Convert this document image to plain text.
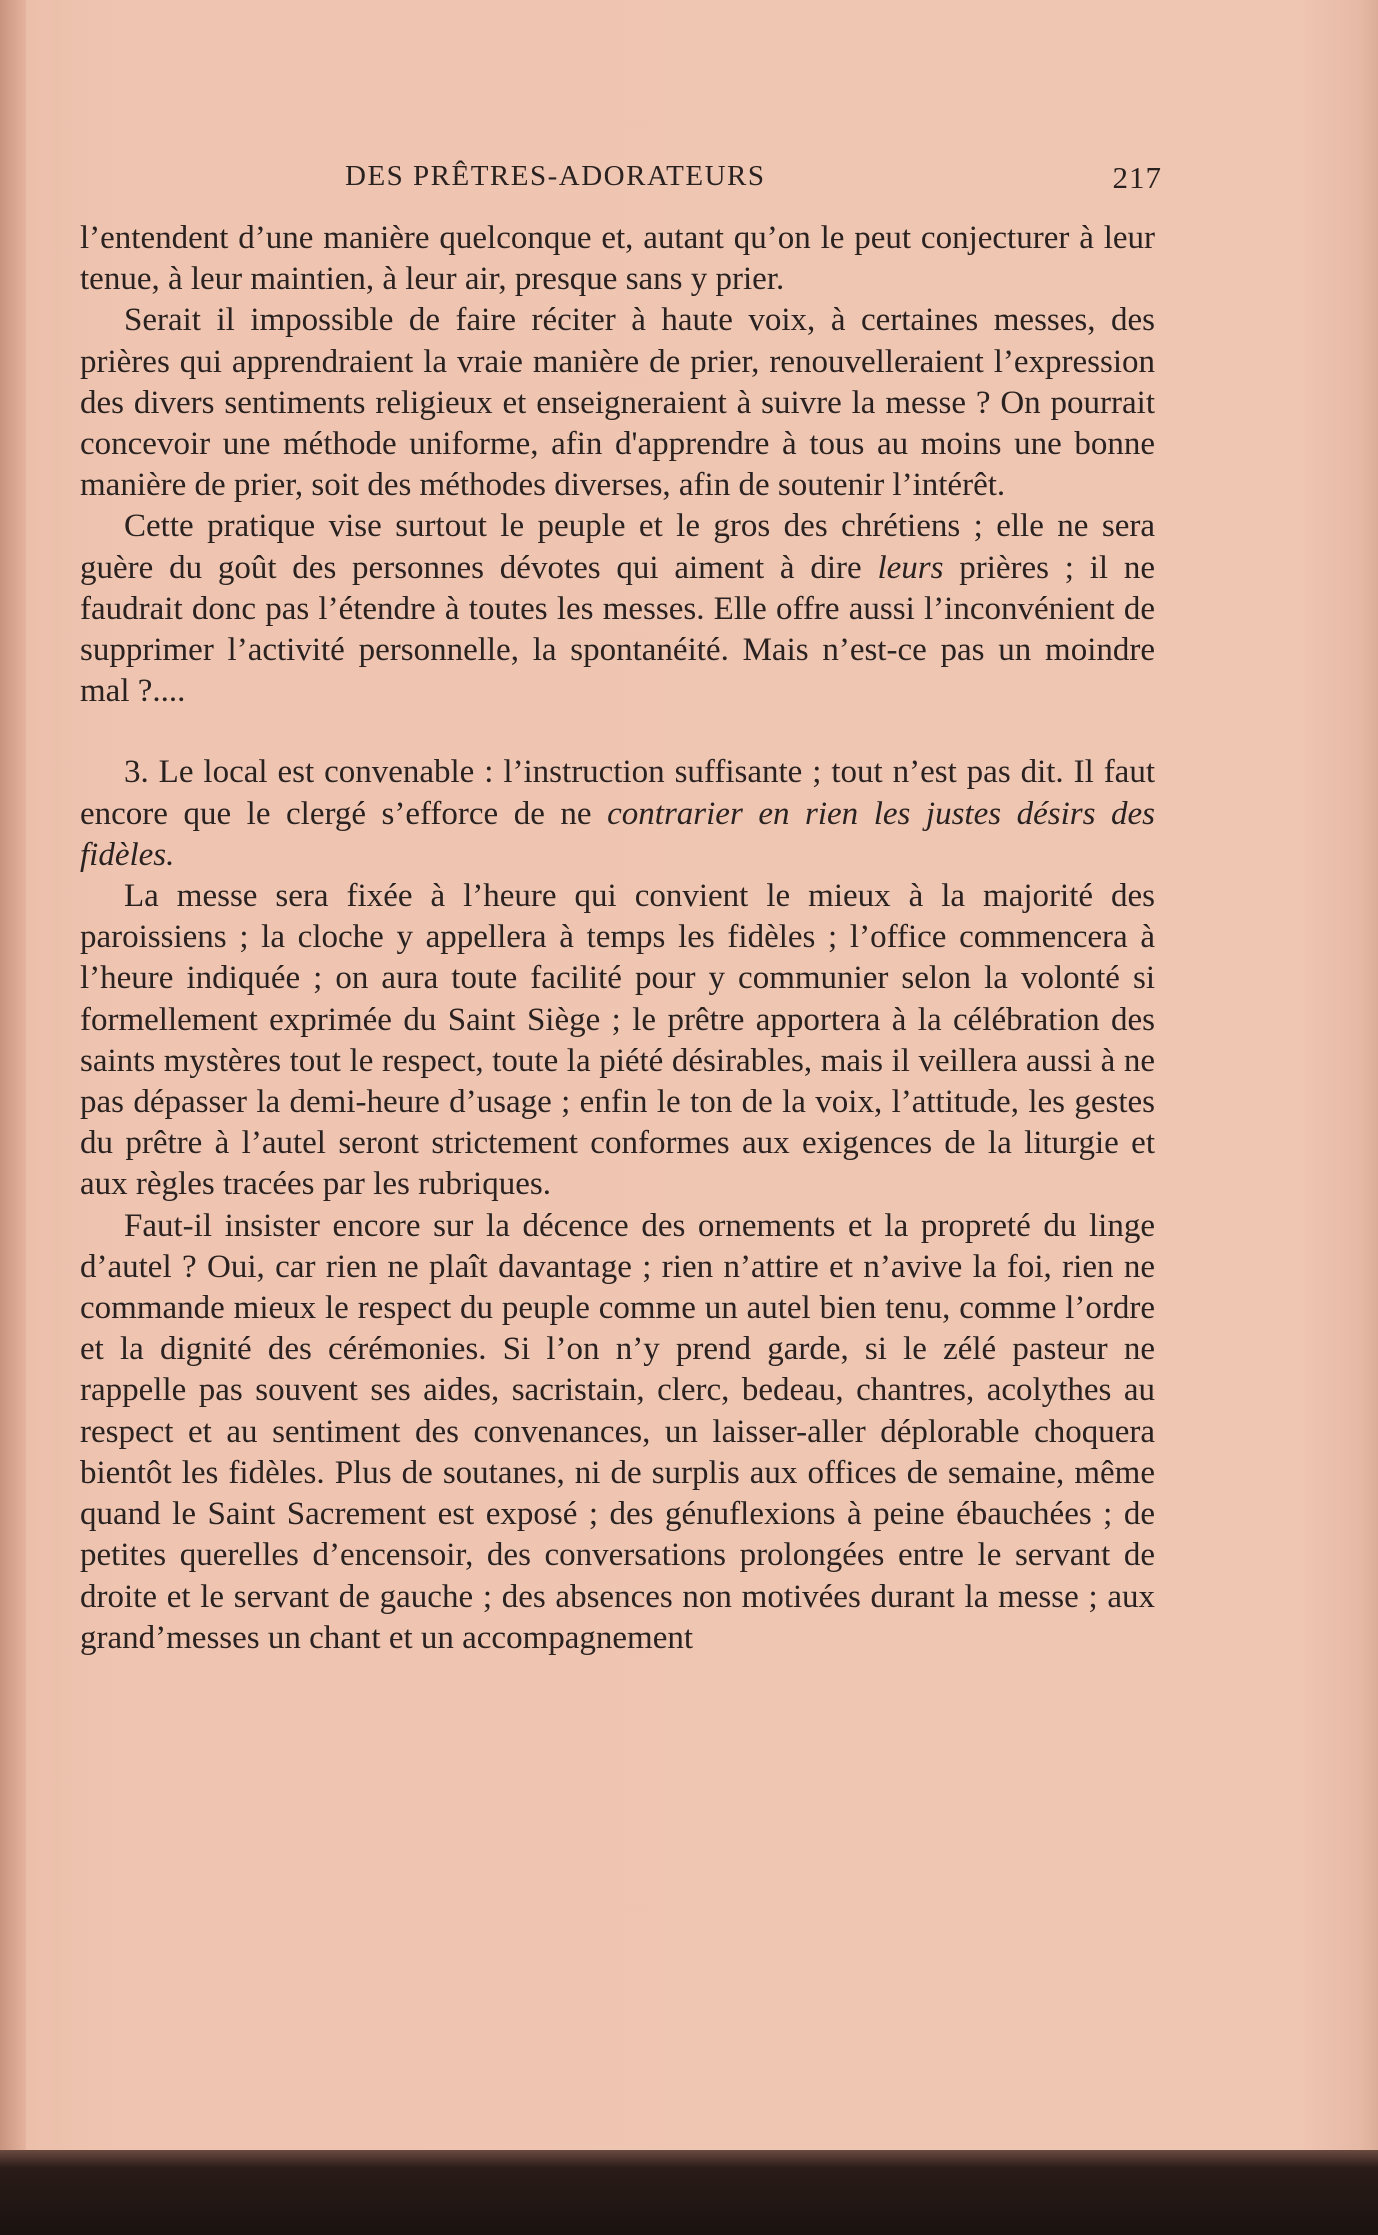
DES PRÊTRES-ADORATEURS	217

l’entendent d’une manière quelconque et, autant qu’on le peut conjecturer à leur tenue, à leur maintien, à leur air, presque sans y prier.

Serait il impossible de faire réciter à haute voix, à certaines messes, des prières qui apprendraient la vraie manière de prier, renouvelleraient l’expression des divers sentiments religieux et enseigneraient à suivre la messe ? On pourrait concevoir une méthode uniforme, afin d'apprendre à tous au moins une bonne manière de prier, soit des méthodes diverses, afin de soutenir l’intérêt.

Cette pratique vise surtout le peuple et le gros des chrétiens ; elle ne sera guère du goût des personnes dévotes qui aiment à dire leurs prières ; il ne faudrait donc pas l’étendre à toutes les messes. Elle offre aussi l’inconvénient de supprimer l’activité personnelle, la spontanéité. Mais n’est-ce pas un moindre mal ?....

3. Le local est convenable : l’instruction suffisante ; tout n’est pas dit. Il faut encore que le clergé s’efforce de ne contrarier en rien les justes désirs des fidèles.

La messe sera fixée à l’heure qui convient le mieux à la majorité des paroissiens ; la cloche y appellera à temps les fidèles ; l’office commencera à l’heure indiquée ; on aura toute facilité pour y communier selon la volonté si formellement exprimée du Saint Siège ; le prêtre apportera à la célébration des saints mystères tout le respect, toute la piété désirables, mais il veillera aussi à ne pas dépasser la demi-heure d’usage ; enfin le ton de la voix, l’attitude, les gestes du prêtre à l’autel seront strictement conformes aux exigences de la liturgie et aux règles tracées par les rubriques.

Faut-il insister encore sur la décence des ornements et la propreté du linge d’autel ? Oui, car rien ne plaît davantage ; rien n’attire et n’avive la foi, rien ne commande mieux le respect du peuple comme un autel bien tenu, comme l’ordre et la dignité des cérémonies. Si l’on n’y prend garde, si le zélé pasteur ne rappelle pas souvent ses aides, sacristain, clerc, bedeau, chantres, acolythes au respect et au sentiment des convenances, un laisser-aller déplorable choquera bientôt les fidèles. Plus de soutanes, ni de surplis aux offices de semaine, même quand le Saint Sacrement est exposé ; des génuflexions à peine ébauchées ; de petites querelles d’encensoir, des conversations prolongées entre le servant de droite et le servant de gauche ; des absences non motivées durant la messe ; aux grand’messes un chant et un accompagnement
